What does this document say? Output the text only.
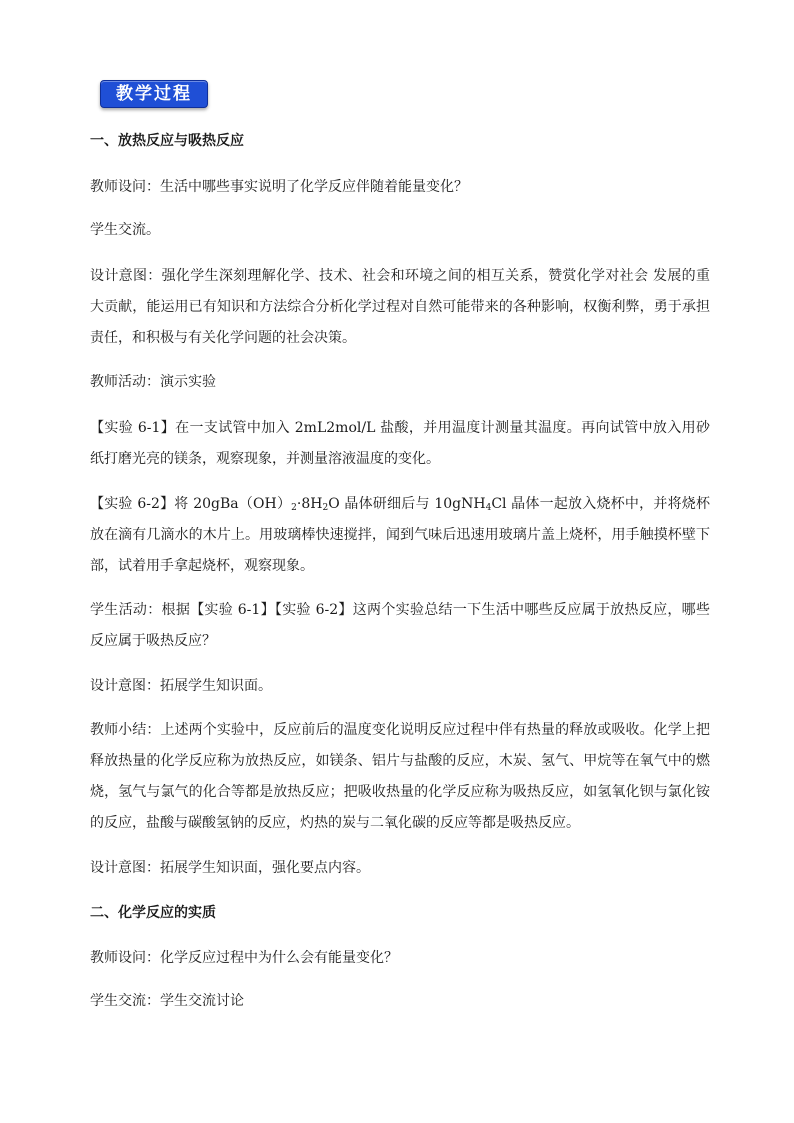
教学过程

一、放热反应与吸热反应

教师设问：生活中哪些事实说明了化学反应伴随着能量变化？

学生交流。

设计意图：强化学生深刻理解化学、技术、社会和环境之间的相互关系，赞赏化学对社会 发展的重大贡献，能运用已有知识和方法综合分析化学过程对自然可能带来的各种影响，权衡利弊，勇于承担责任，和积极与有关化学问题的社会决策。

教师活动：演示实验

【实验 6-1】在一支试管中加入 2mL2mol/L 盐酸，并用温度计测量其温度。再向试管中放入用砂纸打磨光亮的镁条，观察现象，并测量溶液温度的变化。

【实验 6-2】将 $20gBa(OH)_2\cdot 8H_2O$ 晶体研细后与 10gNH$_4$Cl 晶体一起放入烧杯中，并将烧杯放在滴有几滴水的木片上。用玻璃棒快速搅拌，闻到气味后迅速用玻璃片盖上烧杯，用手触摸杯壁下部，试着用手拿起烧杯，观察现象。

学生活动：根据【实验 6-1】【实验 6-2】这两个实验总结一下生活中哪些反应属于放热反应，哪些反应属于吸热反应？

设计意图：拓展学生知识面。

教师小结：上述两个实验中，反应前后的温度变化说明反应过程中伴有热量的释放或吸收。化学上把释放热量的化学反应称为放热反应，如镁条、铝片与盐酸的反应，木炭、氢气、甲烷等在氧气中的燃烧，氢气与氯气的化合等都是放热反应；把吸收热量的化学反应称为吸热反应，如氢氧化钡与氯化铵的反应，盐酸与碳酸氢钠的反应，灼热的炭与二氧化碳的反应等都是吸热反应。

设计意图：拓展学生知识面，强化要点内容。

二、化学反应的实质

教师设问：化学反应过程中为什么会有能量变化？

学生交流：学生交流讨论
